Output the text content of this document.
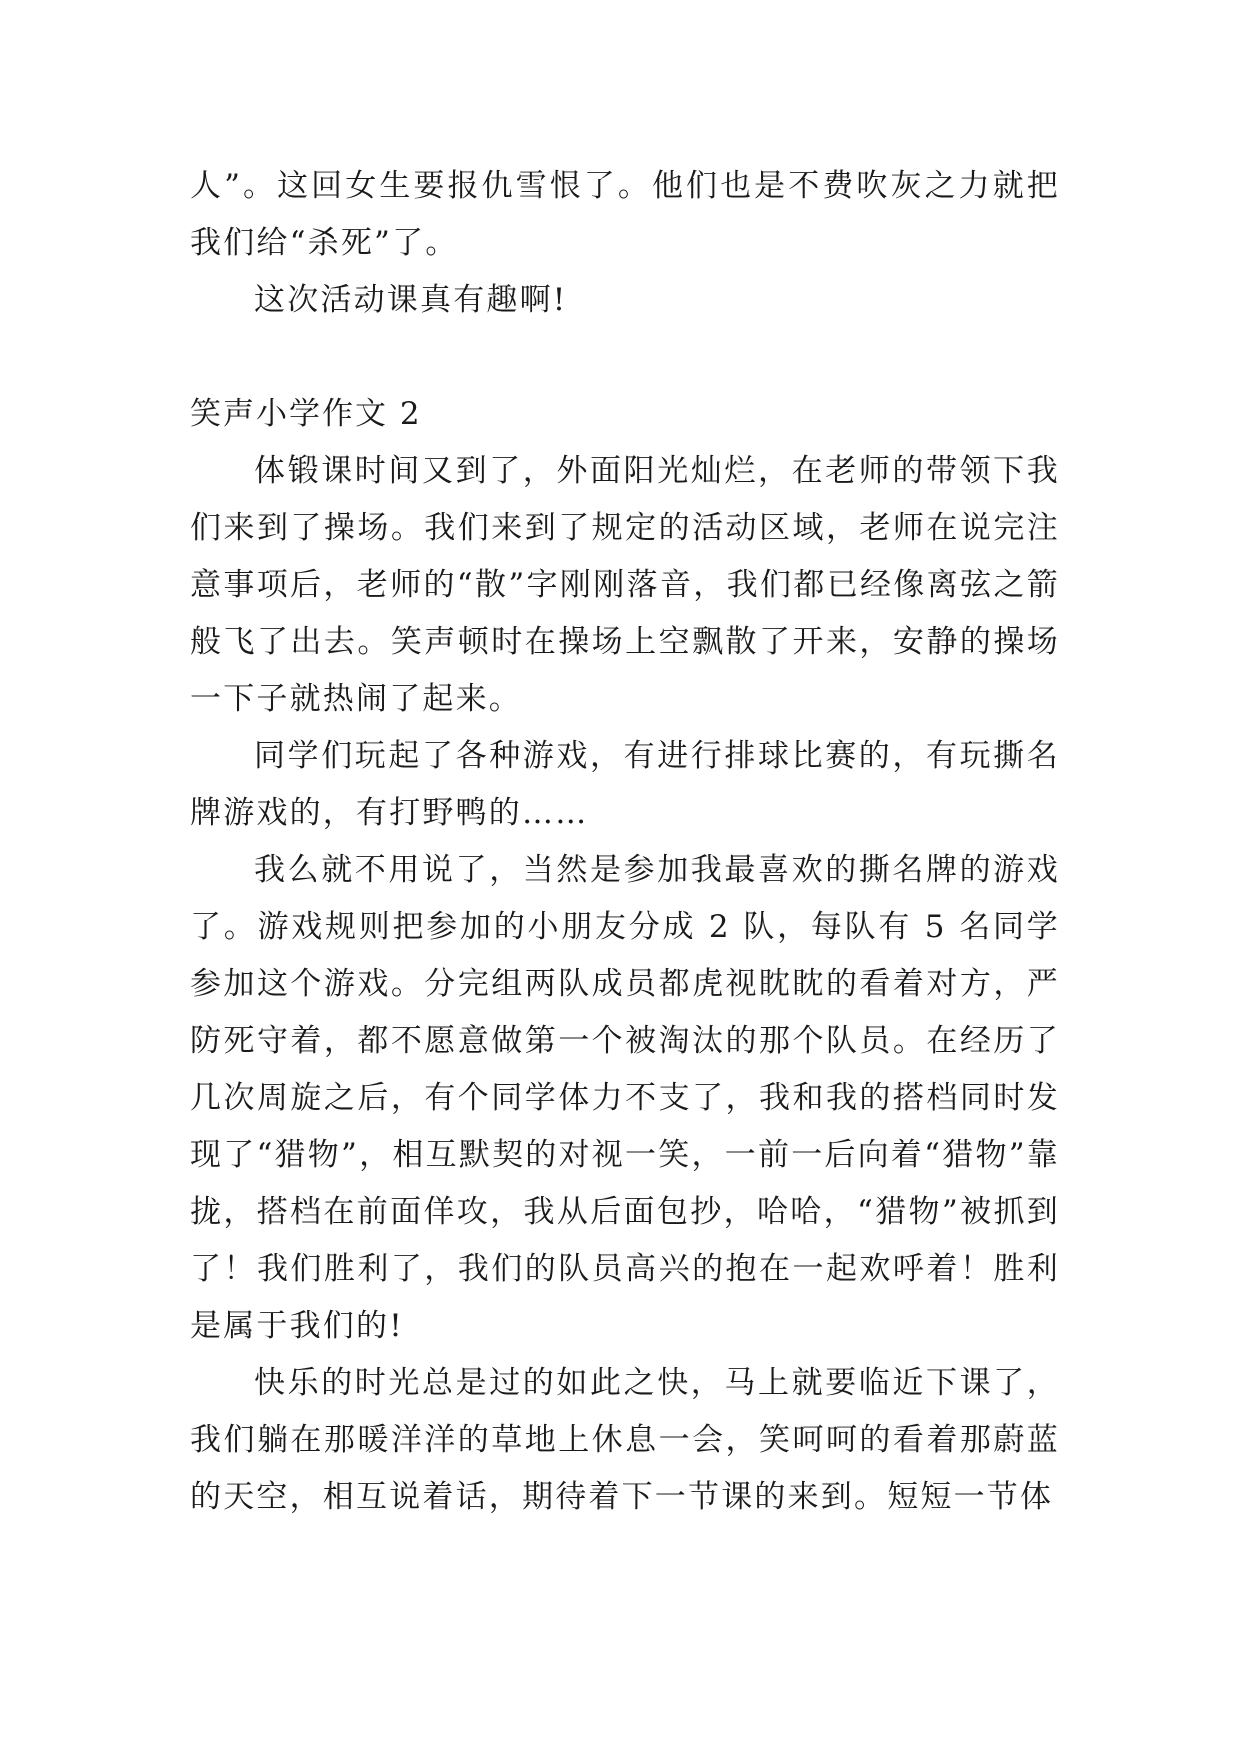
人”。这回女生要报仇雪恨了。他们也是不费吹灰之力就把我们给“杀死”了。

这次活动课真有趣啊!

笑声小学作文 2

体锻课时间又到了，外面阳光灿烂，在老师的带领下我们来到了操场。我们来到了规定的活动区域，老师在说完注意事项后，老师的“散”字刚刚落音，我们都已经像离弦之箭般飞了出去。笑声顿时在操场上空飘散了开来，安静的操场一下子就热闹了起来。

同学们玩起了各种游戏，有进行排球比赛的，有玩撕名牌游戏的，有打野鸭的……

我么就不用说了，当然是参加我最喜欢的撕名牌的游戏了。游戏规则把参加的小朋友分成 2 队，每队有 5 名同学参加这个游戏。分完组两队成员都虎视眈眈的看着对方，严防死守着，都不愿意做第一个被淘汰的那个队员。在经历了几次周旋之后，有个同学体力不支了，我和我的搭档同时发现了“猎物”，相互默契的对视一笑，一前一后向着“猎物”靠拢，搭档在前面佯攻，我从后面包抄，哈哈，“猎物”被抓到了！我们胜利了，我们的队员高兴的抱在一起欢呼着！胜利是属于我们的!

快乐的时光总是过的如此之快，马上就要临近下课了，我们躺在那暖洋洋的草地上休息一会，笑呵呵的看着那蔚蓝的天空，相互说着话，期待着下一节课的来到。短短一节体
